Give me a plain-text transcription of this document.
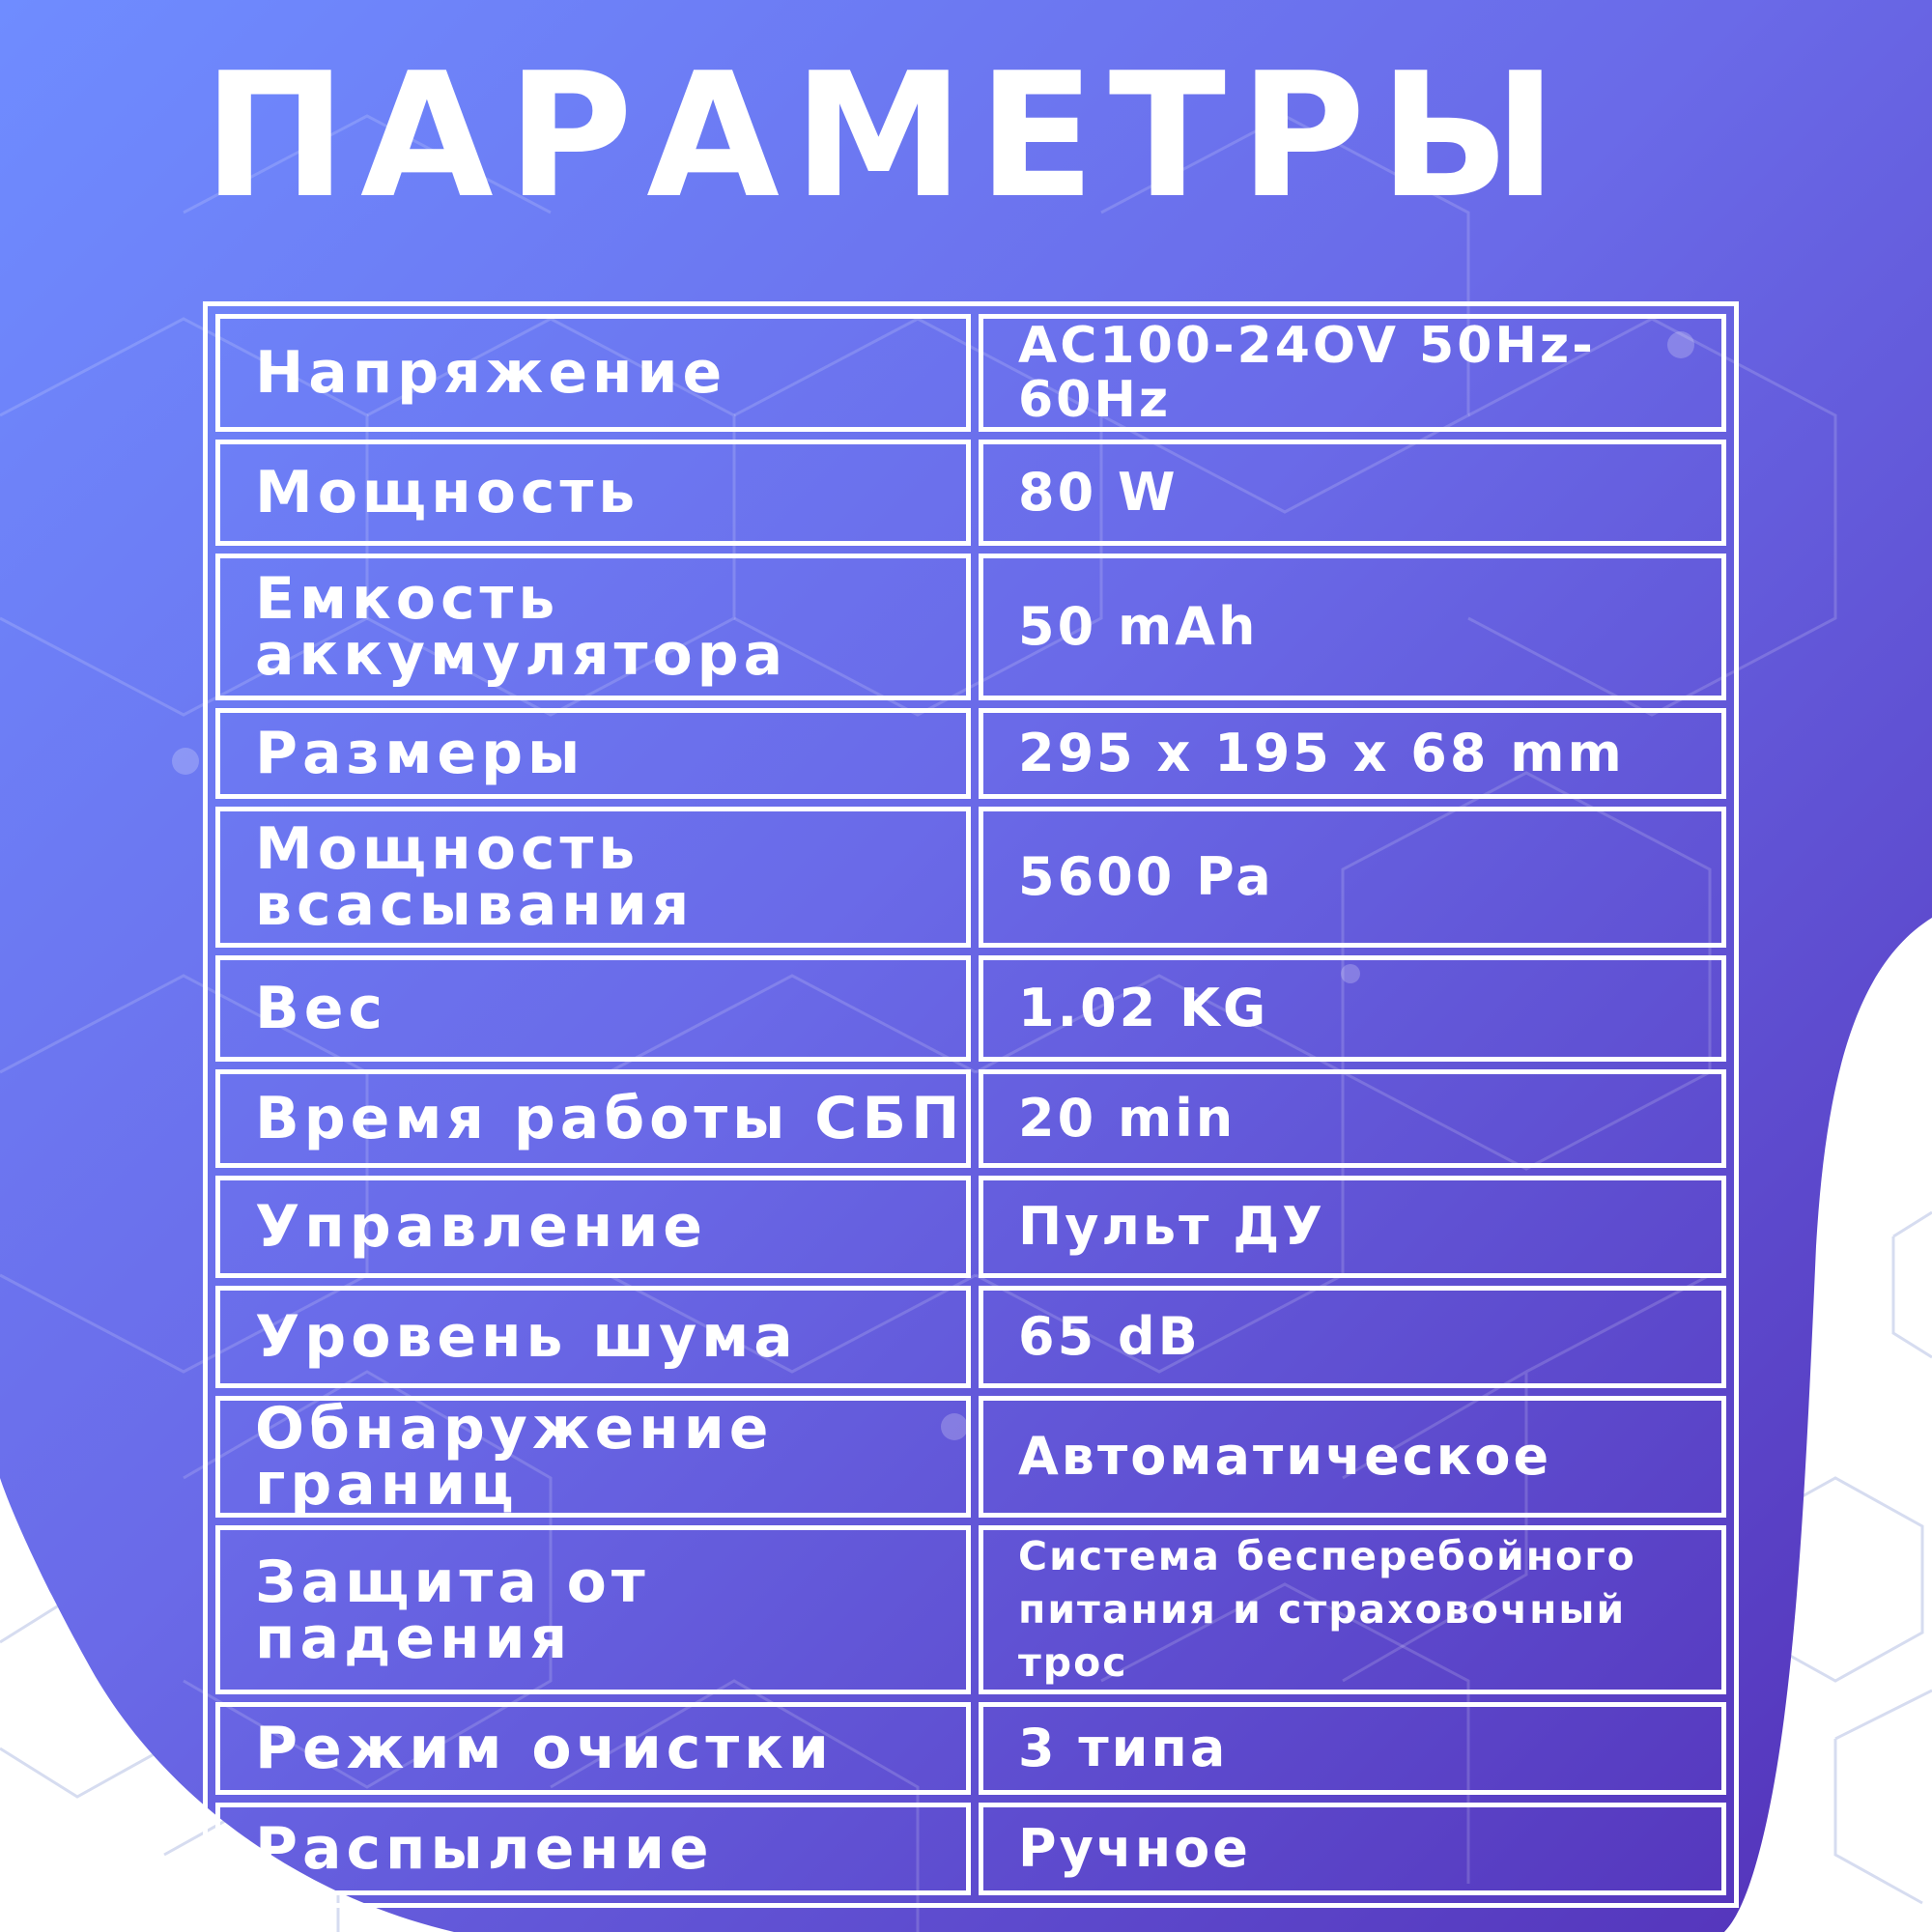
ПАРАМЕТРЫ
Напряжение	AC100-24OV 50Hz-60Hz
Мощность	80 W
Емкость аккумулятора	50 mAh
Размеры	295 x 195 x 68 mm
Мощность всасывания	5600 Pa
Вес	1.02 KG
Время работы СБП	20 min
Управление	Пульт ДУ
Уровень шума	65 dB
Обнаружение границ	Автоматическое
Защита от падения	Система бесперебойного питания и страховочный трос
Режим очистки	3 типа
Распыление	Ручное
